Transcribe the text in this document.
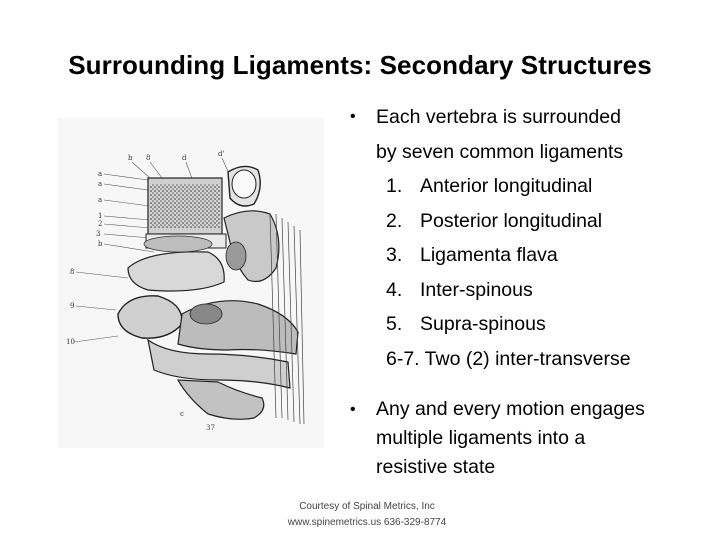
Surrounding Ligaments: Secondary Structures
b 8	d	d'
a
a
a
1
2
3
b
8
9
10
c
37
• Each vertebra is surrounded
by seven common ligaments
1. Anterior longitudinal
2. Posterior longitudinal
3. Ligamenta flava
4. Inter-spinous
5. Supra-spinous
6-7. Two (2) inter-transverse
• Any and every motion engages
multiple ligaments into a
resistive state
Courtesy of Spinal Metrics, Inc
www.spinemetrics.us 636-329-8774
